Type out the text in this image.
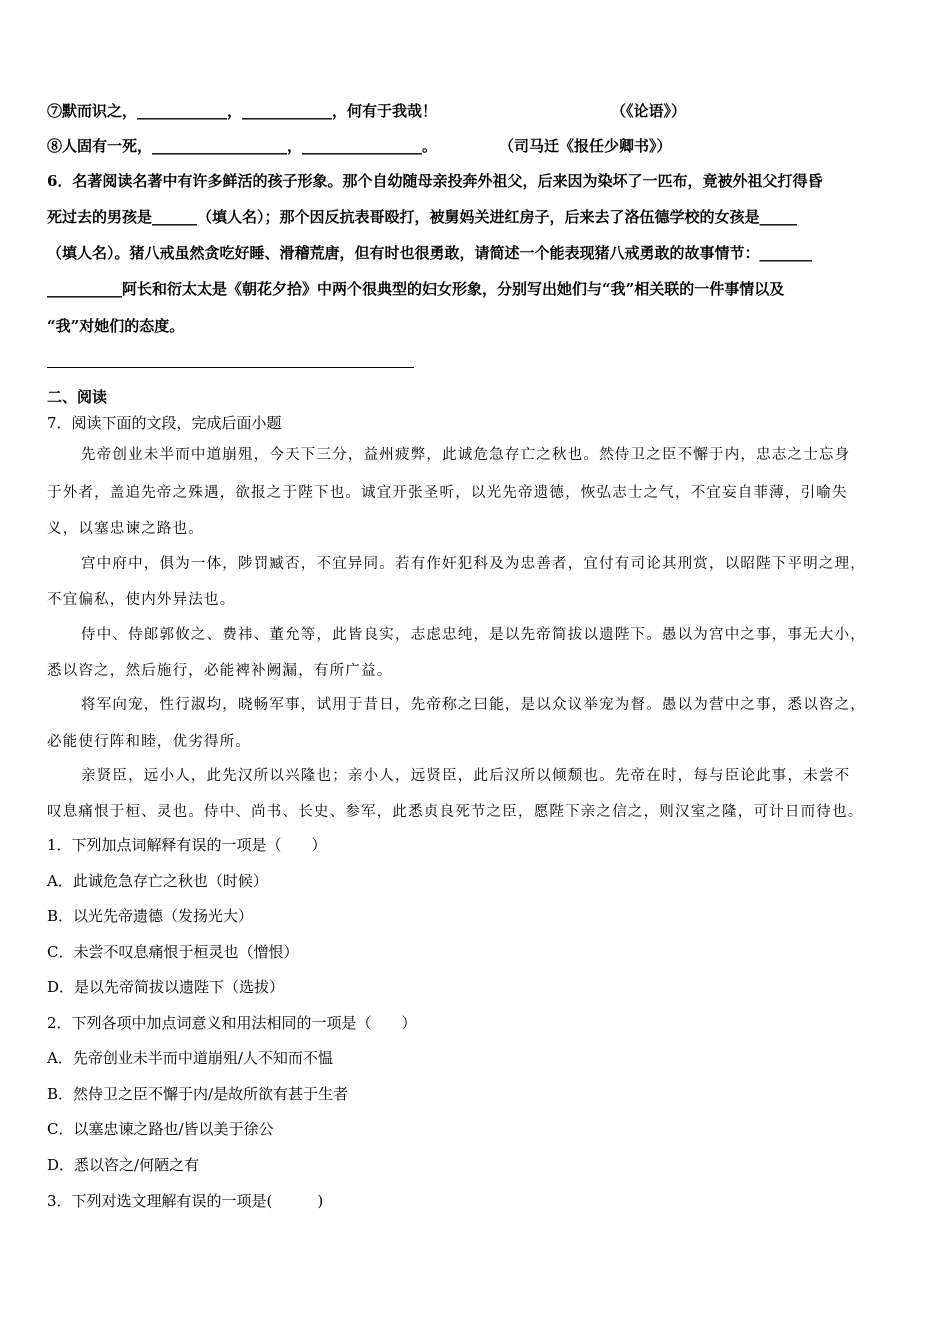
⑦默而识之，____________，____________，何有于我哉！	（《论语》）
⑧人固有一死，__________________，________________。	（司马迁《报任少卿书》）
6．名著阅读名著中有许多鲜活的孩子形象。那个自幼随母亲投奔外祖父，后来因为染坏了一匹布，竟被外祖父打得昏
死过去的男孩是______（填人名）；那个因反抗表哥殴打，被舅妈关进红房子，后来去了洛伍德学校的女孩是_____
（填人名）。猪八戒虽然贪吃好睡、滑稽荒唐，但有时也很勇敢，请简述一个能表现猪八戒勇敢的故事情节：_______
__________阿长和衍太太是《朝花夕拾》中两个很典型的妇女形象，分别写出她们与“我”相关联的一件事情以及
“我”对她们的态度。
二、阅读
7．阅读下面的文段，完成后面小题
先帝创业未半而中道崩殂，今天下三分，益州疲弊，此诚危急存亡之秋也。然侍卫之臣不懈于内，忠志之士忘身
于外者，盖追先帝之殊遇，欲报之于陛下也。诚宜开张圣听，以光先帝遗德，恢弘志士之气，不宜妄自菲薄，引喻失
义，以塞忠谏之路也。
宫中府中，俱为一体，陟罚臧否，不宜异同。若有作奸犯科及为忠善者，宜付有司论其刑赏，以昭陛下平明之理，
不宜偏私，使内外异法也。
侍中、侍郎郭攸之、费祎、董允等，此皆良实，志虑忠纯，是以先帝简拔以遗陛下。愚以为宫中之事，事无大小，
悉以咨之，然后施行，必能裨补阙漏，有所广益。
将军向宠，性行淑均，晓畅军事，试用于昔日，先帝称之曰能，是以众议举宠为督。愚以为营中之事，悉以咨之，
必能使行阵和睦，优劣得所。
亲贤臣，远小人，此先汉所以兴隆也；亲小人，远贤臣，此后汉所以倾颓也。先帝在时，每与臣论此事，未尝不
叹息痛恨于桓、灵也。侍中、尚书、长史、参军，此悉贞良死节之臣，愿陛下亲之信之，则汉室之隆，可计日而待也。
1．下列加点词解释有误的一项是（　　）
A．此诚危急存亡之秋也（时候）
B．以光先帝遗德（发扬光大）
C．未尝不叹息痛恨于桓灵也（憎恨）
D．是以先帝简拔以遗陛下（选拔）
2．下列各项中加点词意义和用法相同的一项是（　　）
A．先帝创业未半而中道崩殂/人不知而不愠
B．然侍卫之臣不懈于内/是故所欲有甚于生者
C．以塞忠谏之路也/皆以美于徐公
D．悉以咨之/何陋之有
3．下列对选文理解有误的一项是(　　　)
